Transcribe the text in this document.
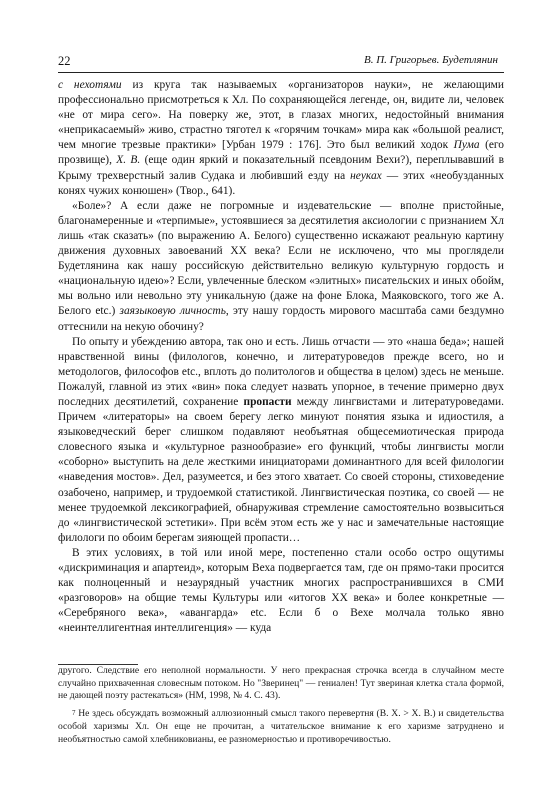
22	В. П. Григорьев. Будетлянин

с нехотями из круга так называемых «организаторов науки», не желающими профессионально присмотреться к Хл. По сохраняющейся легенде, он, видите ли, человек «не от мира сего». На поверку же, этот, в глазах многих, недостойный внимания «неприкасаемый» живо, страстно тяготел к «горячим точкам» мира как «большой реалист, чем многие трезвые практики» [Урбан 1979 : 176]. Это был великий ходок Пума (его прозвище), Х. В. (еще один яркий и показательный псевдоним Вехи?), переплывавший в Крыму трехверстный залив Судака и любивший езду на неуках — этих «необузданных конях чужих конюшен» (Твор., 641).

«Боле»? А если даже не погромные и издевательские — вполне пристойные, благонамеренные и «терпимые», устоявшиеся за десятилетия аксиологии с признанием Хл лишь «так сказать» (по выражению А. Белого) существенно искажают реальную картину движения духовных завоеваний XX века? Если не исключено, что мы проглядели Будетлянина как нашу российскую действительно великую культурную гордость и «национальную идею»? Если, увлеченные блеском «элитных» писательских и иных обойм, мы вольно или невольно эту уникальную (даже на фоне Блока, Маяковского, того же А. Белого etc.) заязыковую личность, эту нашу гордость мирового масштаба сами бездумно оттеснили на некую обочину?

По опыту и убеждению автора, так оно и есть. Лишь отчасти — это «наша беда»; нашей нравственной вины (филологов, конечно, и литературоведов прежде всего, но и методологов, философов etc., вплоть до политологов и общества в целом) здесь не меньше. Пожалуй, главной из этих «вин» пока следует назвать упорное, в течение примерно двух последних десятилетий, сохранение пропасти между лингвистами и литературоведами. Причем «литераторы» на своем берегу легко минуют понятия языка и идиостиля, а языковедческий берег слишком подавляют необъятная общесемиотическая природа словесного языка и «культурное разнообразие» его функций, чтобы лингвисты могли «соборно» выступить на деле жесткими инициаторами доминантного для всей филологии «наведения мостов». Дел, разумеется, и без этого хватает. Со своей стороны, стиховедение озабочено, например, и трудоемкой статистикой. Лингвистическая поэтика, со своей — не менее трудоемкой лексикографией, обнаруживая стремление самостоятельно возвыситься до «лингвистической эстетики». При всём этом есть же у нас и замечательные настоящие филологи по обоим берегам зияющей пропасти…

В этих условиях, в той или иной мере, постепенно стали особо остро ощутимы «дискриминация и апартеид», которым Веха подвергается там, где он прямо-таки просится как полноценный и незаурядный участник многих распространившихся в СМИ «разговоров» на общие темы Культуры или «итогов XX века» и более конкретные — «Серебряного века», «авангарда» etc. Если б о Вехе молчала только явно «неинтеллигентная интеллигенция» — куда

другого. Следствие его неполной нормальности. У него прекрасная строчка всегда в случайном месте случайно прихваченная словесным потоком. Но "Зверинец" — гениален! Тут звериная клетка стала формой, не дающей поэту растекаться» (НМ, 1998, № 4. С. 43).

$^7$ Не здесь обсуждать возможный аллюзионный смысл такого перевертня (В. Х. > Х. В.) и свидетельства особой харизмы Хл. Он еще не прочитан, а читательское внимание к его харизме затруднено и необъятностью самой хлебниковианы, ее разномерностью и противоречивостью.
